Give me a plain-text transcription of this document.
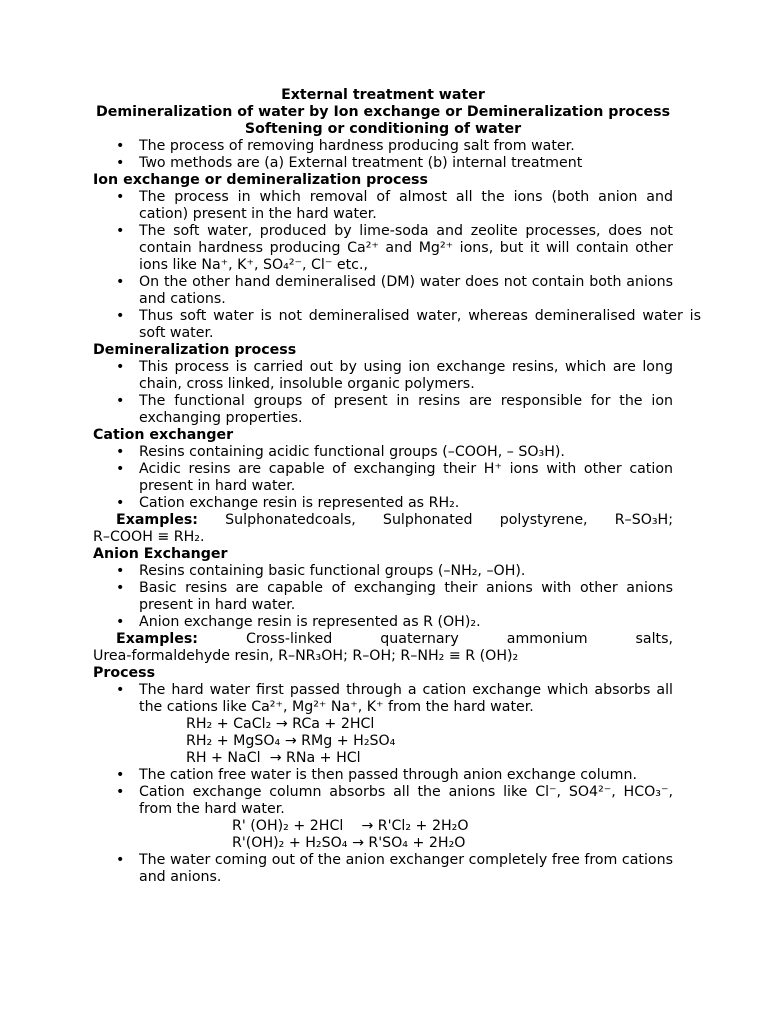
External treatment water
Demineralization of water by Ion exchange or Demineralization process
Softening or conditioning of water
• The process of removing hardness producing salt from water.
• Two methods are (a) External treatment (b) internal treatment
Ion exchange or demineralization process
• The process in which removal of almost all the ions (both anion and cation) present in the hard water.
• The soft water, produced by lime-soda and zeolite processes, does not contain hardness producing Ca²⁺ and Mg²⁺ ions, but it will contain other ions like Na⁺, K⁺, SO₄²⁻, Cl⁻ etc.,
• On the other hand demineralised (DM) water does not contain both anions and cations.
• Thus soft water is not demineralised water, whereas demineralised water is soft water.
Demineralization process
• This process is carried out by using ion exchange resins, which are long chain, cross linked, insoluble organic polymers.
• The functional groups of present in resins are responsible for the ion exchanging properties.
Cation exchanger
• Resins containing acidic functional groups (–COOH, – SO₃H).
• Acidic resins are capable of exchanging their H⁺ ions with other cation present in hard water.
• Cation exchange resin is represented as RH₂.
Examples: Sulphonatedcoals, Sulphonated polystyrene, R–SO₃H;
R–COOH ≡ RH₂.
Anion Exchanger
• Resins containing basic functional groups (–NH₂, –OH).
• Basic resins are capable of exchanging their anions with other anions present in hard water.
• Anion exchange resin is represented as R (OH)₂.
Examples: Cross-linked quaternary ammonium salts,
Urea-formaldehyde resin, R–NR₃OH; R–OH; R–NH₂ ≡ R (OH)₂
Process
• The hard water first passed through a cation exchange which absorbs all the cations like Ca²⁺, Mg²⁺ Na⁺, K⁺ from the hard water.
RH₂ + CaCl₂ → RCa + 2HCl
RH₂ + MgSO₄ → RMg + H₂SO₄
RH + NaCl  → RNa + HCl
• The cation free water is then passed through anion exchange column.
• Cation exchange column absorbs all the anions like Cl⁻, SO4²⁻, HCO₃⁻, from the hard water.
R' (OH)₂ + 2HCl    → R'Cl₂ + 2H₂O
R'(OH)₂ + H₂SO₄ → R'SO₄ + 2H₂O
• The water coming out of the anion exchanger completely free from cations and anions.
